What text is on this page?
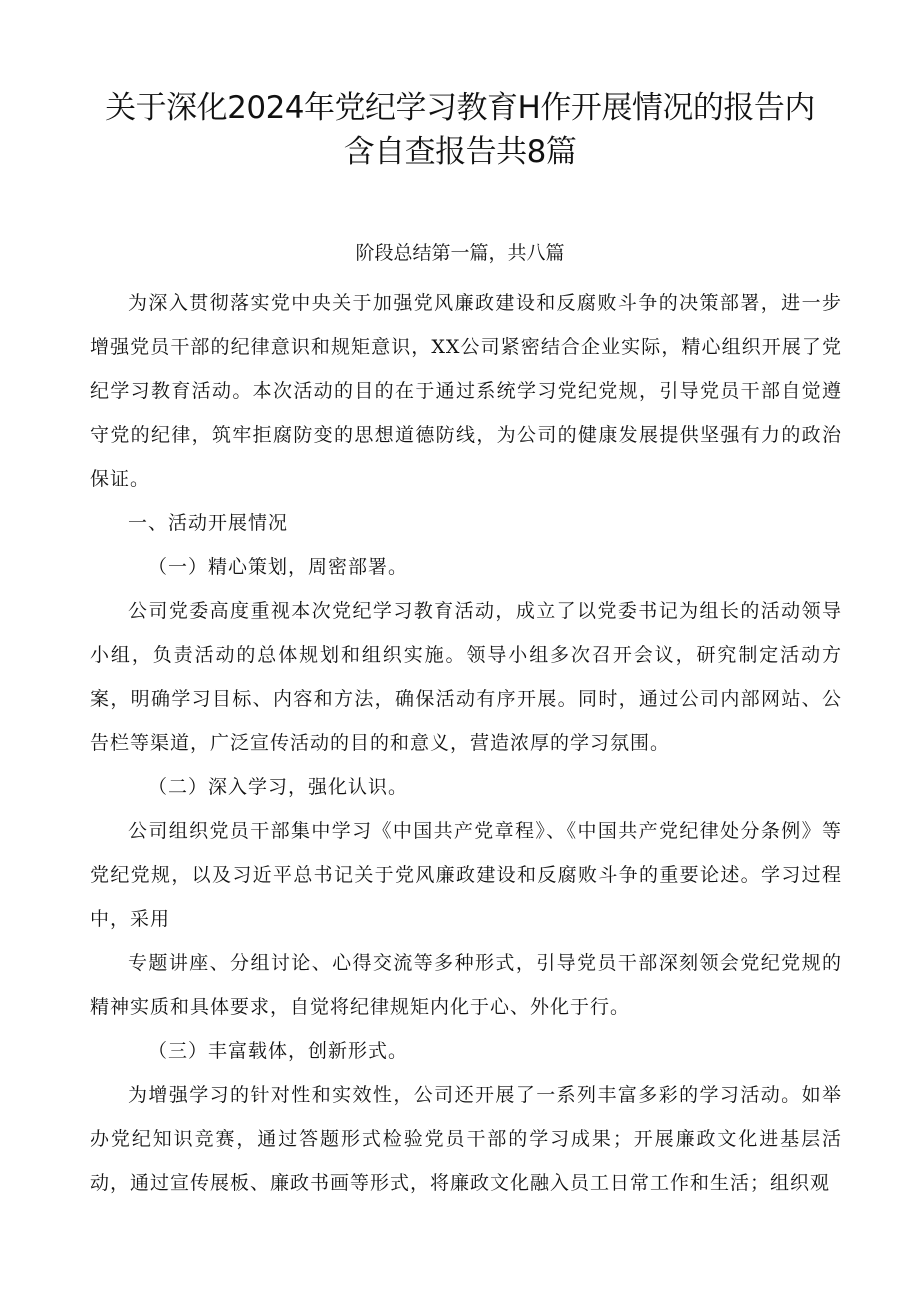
关于深化2024年党纪学习教育H作开展情况的报告内
含自查报告共8篇
阶段总结第一篇，共八篇

为深入贯彻落实党中央关于加强党风廉政建设和反腐败斗争的决策部署，进一步增强党员干部的纪律意识和规矩意识，XX公司紧密结合企业实际，精心组织开展了党纪学习教育活动。本次活动的目的在于通过系统学习党纪党规，引导党员干部自觉遵守党的纪律，筑牢拒腐防变的思想道德防线，为公司的健康发展提供坚强有力的政治保证。

一、活动开展情况

（一）精心策划，周密部署。

公司党委高度重视本次党纪学习教育活动，成立了以党委书记为组长的活动领导小组，负责活动的总体规划和组织实施。领导小组多次召开会议，研究制定活动方案，明确学习目标、内容和方法，确保活动有序开展。同时，通过公司内部网站、公告栏等渠道，广泛宣传活动的目的和意义，营造浓厚的学习氛围。

（二）深入学习，强化认识。

公司组织党员干部集中学习《中国共产党章程》、《中国共产党纪律处分条例》等党纪党规，以及习近平总书记关于党风廉政建设和反腐败斗争的重要论述。学习过程中，采用

专题讲座、分组讨论、心得交流等多种形式，引导党员干部深刻领会党纪党规的精神实质和具体要求，自觉将纪律规矩内化于心、外化于行。

（三）丰富载体，创新形式。

为增强学习的针对性和实效性，公司还开展了一系列丰富多彩的学习活动。如举办党纪知识竞赛，通过答题形式检验党员干部的学习成果；开展廉政文化进基层活动，通过宣传展板、廉政书画等形式，将廉政文化融入员工日常工作和生活；组织观
